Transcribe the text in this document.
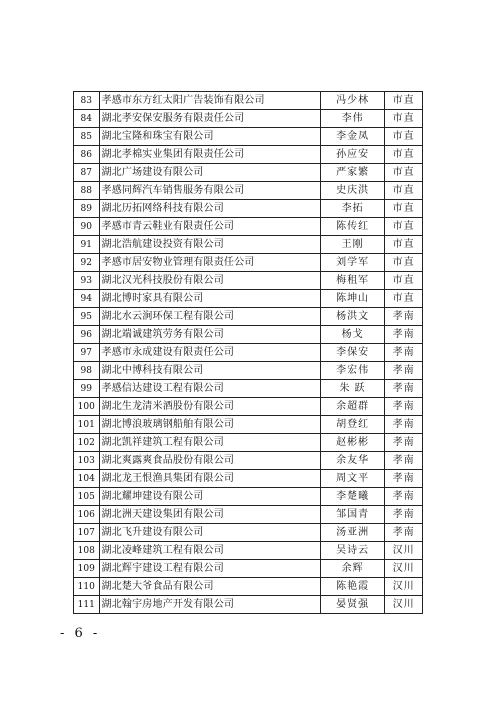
83	孝感市东方红太阳广告装饰有限公司	冯少林	市直
84	湖北孝安保安服务有限责任公司	李伟	市直
85	湖北宝隆和珠宝有限公司	李金凤	市直
86	湖北孝棉实业集团有限责任公司	孙应安	市直
87	湖北广场建设有限公司	严家繁	市直
88	孝感同辉汽车销售服务有限公司	史庆洪	市直
89	湖北历拓网络科技有限公司	李拓	市直
90	孝感市青云鞋业有限责任公司	陈传红	市直
91	湖北浩航建设投资有限公司	王刚	市直
92	孝感市居安物业管理有限责任公司	刘学军	市直
93	湖北汉光科技股份有限公司	梅租军	市直
94	湖北博时家具有限公司	陈坤山	市直
95	湖北水云涧环保工程有限公司	杨洪文	孝南
96	湖北端诚建筑劳务有限公司	杨戈	孝南
97	孝感市永成建设有限责任公司	李保安	孝南
98	湖北中博科技有限公司	李宏伟	孝南
99	孝感信达建设工程有限公司	朱 跃	孝南
100	湖北生龙清米酒股份有限公司	余超群	孝南
101	湖北博浪玻璃钢船舶有限公司	胡登红	孝南
102	湖北凯祥建筑工程有限公司	赵彬彬	孝南
103	湖北爽露爽食品股份有限公司	余友华	孝南
104	湖北龙王恨渔具集团有限公司	周文平	孝南
105	湖北耀坤建设有限公司	李楚曦	孝南
106	湖北洲天建设集团有限公司	邹国青	孝南
107	湖北飞升建设有限公司	汤亚洲	孝南
108	湖北凌峰建筑工程有限公司	吴诗云	汉川
109	湖北辉宇建设工程有限公司	余辉	汉川
110	湖北楚大爷食品有限公司	陈艳霞	汉川
111	湖北翰宇房地产开发有限公司	晏贤强	汉川
- 6 -
